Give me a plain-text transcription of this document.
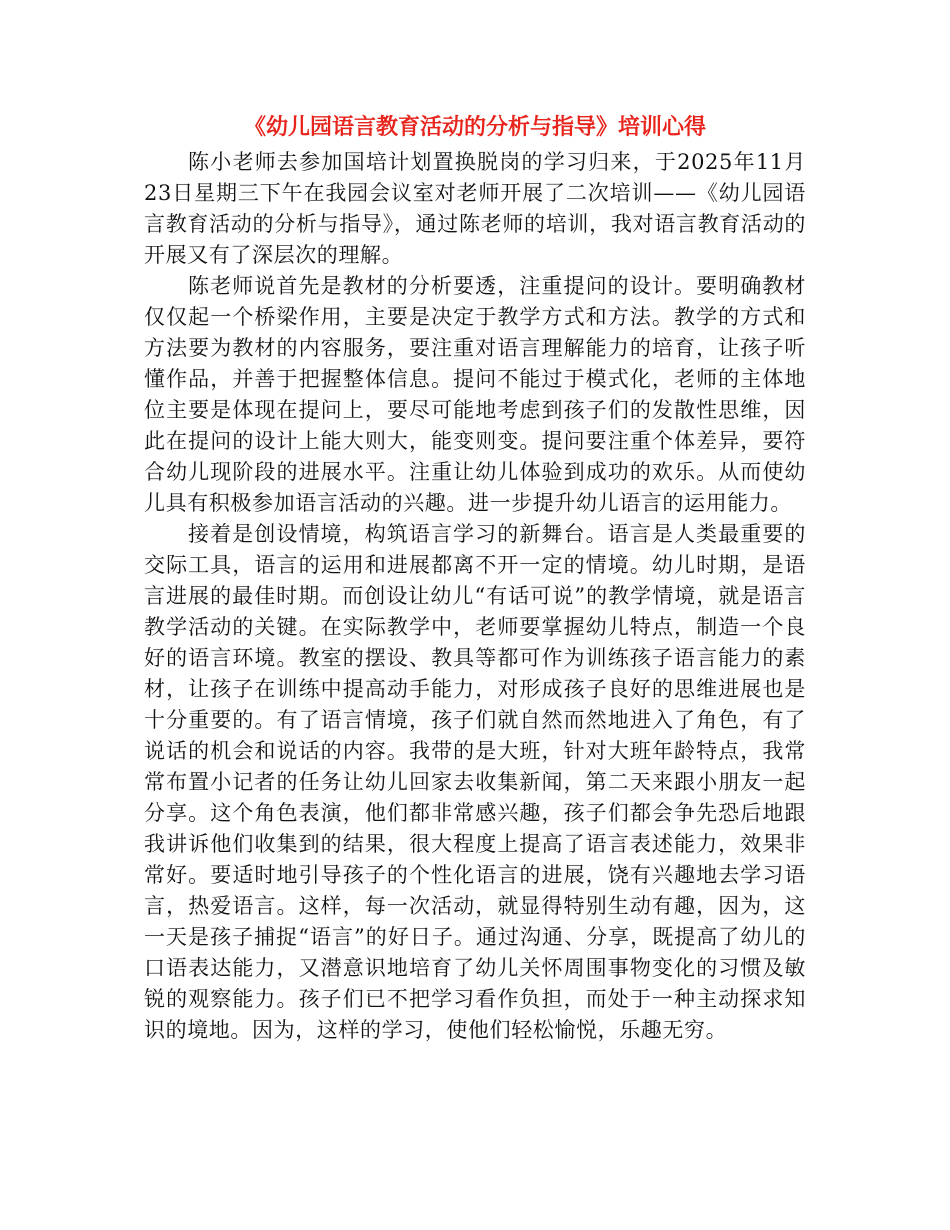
《幼儿园语言教育活动的分析与指导》培训心得

陈小老师去参加国培计划置换脱岗的学习归来，于2025年11月23日星期三下午在我园会议室对老师开展了二次培训——《幼儿园语言教育活动的分析与指导》，通过陈老师的培训，我对语言教育活动的开展又有了深层次的理解。

陈老师说首先是教材的分析要透，注重提问的设计。要明确教材仅仅起一个桥梁作用，主要是决定于教学方式和方法。教学的方式和方法要为教材的内容服务，要注重对语言理解能力的培育，让孩子听懂作品，并善于把握整体信息。提问不能过于模式化，老师的主体地位主要是体现在提问上，要尽可能地考虑到孩子们的发散性思维，因此在提问的设计上能大则大，能变则变。提问要注重个体差异，要符合幼儿现阶段的进展水平。注重让幼儿体验到成功的欢乐。从而使幼儿具有积极参加语言活动的兴趣。进一步提升幼儿语言的运用能力。

接着是创设情境，构筑语言学习的新舞台。语言是人类最重要的交际工具，语言的运用和进展都离不开一定的情境。幼儿时期，是语言进展的最佳时期。而创设让幼儿“有话可说”的教学情境，就是语言教学活动的关键。在实际教学中，老师要掌握幼儿特点，制造一个良好的语言环境。教室的摆设、教具等都可作为训练孩子语言能力的素材，让孩子在训练中提高动手能力，对形成孩子良好的思维进展也是十分重要的。有了语言情境，孩子们就自然而然地进入了角色，有了说话的机会和说话的内容。我带的是大班，针对大班年龄特点，我常常布置小记者的任务让幼儿回家去收集新闻，第二天来跟小朋友一起分享。这个角色表演，他们都非常感兴趣，孩子们都会争先恐后地跟我讲诉他们收集到的结果，很大程度上提高了语言表述能力，效果非常好。要适时地引导孩子的个性化语言的进展，饶有兴趣地去学习语言，热爱语言。这样，每一次活动，就显得特别生动有趣，因为，这一天是孩子捕捉“语言”的好日子。通过沟通、分享，既提高了幼儿的口语表达能力，又潜意识地培育了幼儿关怀周围事物变化的习惯及敏锐的观察能力。孩子们已不把学习看作负担，而处于一种主动探求知识的境地。因为，这样的学习，使他们轻松愉悦，乐趣无穷。
